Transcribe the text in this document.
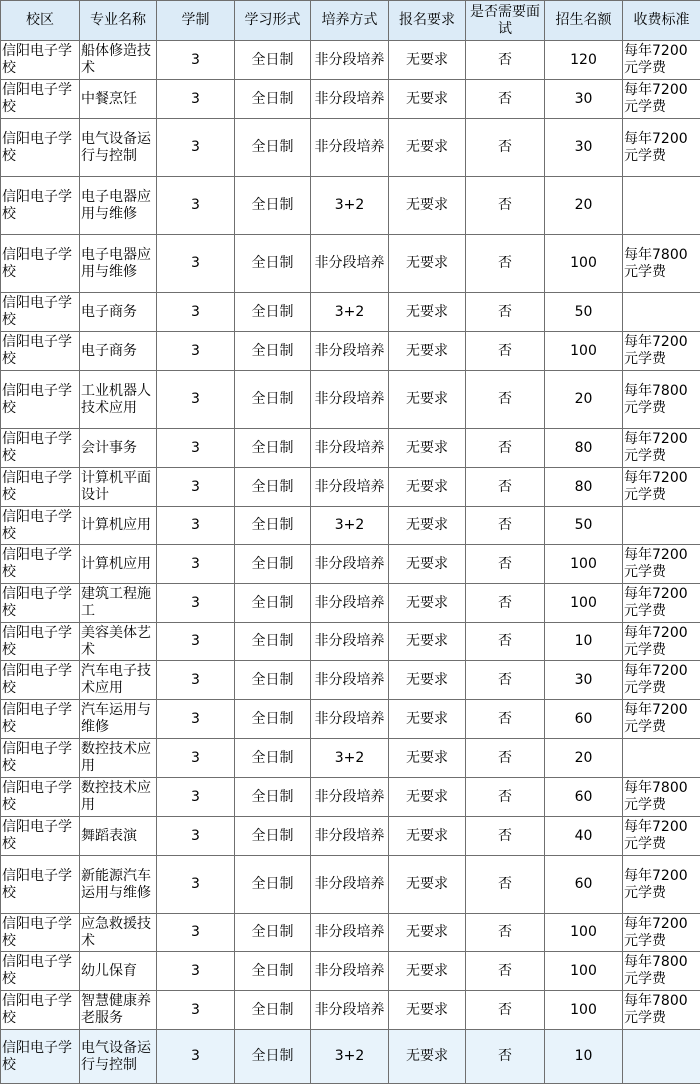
校区	专业名称	学制	学习形式	培养方式	报名要求	是否需要面试	招生名额	收费标准
信阳电子学校	船体修造技术	3	全日制	非分段培养	无要求	否	120	每年7200元学费
信阳电子学校	中餐烹饪	3	全日制	非分段培养	无要求	否	30	每年7200元学费
信阳电子学校	电气设备运行与控制	3	全日制	非分段培养	无要求	否	30	每年7200元学费
信阳电子学校	电子电器应用与维修	3	全日制	3+2	无要求	否	20	
信阳电子学校	电子电器应用与维修	3	全日制	非分段培养	无要求	否	100	每年7800元学费
信阳电子学校	电子商务	3	全日制	3+2	无要求	否	50	
信阳电子学校	电子商务	3	全日制	非分段培养	无要求	否	100	每年7200元学费
信阳电子学校	工业机器人技术应用	3	全日制	非分段培养	无要求	否	20	每年7800元学费
信阳电子学校	会计事务	3	全日制	非分段培养	无要求	否	80	每年7200元学费
信阳电子学校	计算机平面设计	3	全日制	非分段培养	无要求	否	80	每年7200元学费
信阳电子学校	计算机应用	3	全日制	3+2	无要求	否	50	
信阳电子学校	计算机应用	3	全日制	非分段培养	无要求	否	100	每年7200元学费
信阳电子学校	建筑工程施工	3	全日制	非分段培养	无要求	否	100	每年7200元学费
信阳电子学校	美容美体艺术	3	全日制	非分段培养	无要求	否	10	每年7200元学费
信阳电子学校	汽车电子技术应用	3	全日制	非分段培养	无要求	否	30	每年7200元学费
信阳电子学校	汽车运用与维修	3	全日制	非分段培养	无要求	否	60	每年7200元学费
信阳电子学校	数控技术应用	3	全日制	3+2	无要求	否	20	
信阳电子学校	数控技术应用	3	全日制	非分段培养	无要求	否	60	每年7800元学费
信阳电子学校	舞蹈表演	3	全日制	非分段培养	无要求	否	40	每年7200元学费
信阳电子学校	新能源汽车运用与维修	3	全日制	非分段培养	无要求	否	60	每年7200元学费
信阳电子学校	应急救援技术	3	全日制	非分段培养	无要求	否	100	每年7200元学费
信阳电子学校	幼儿保育	3	全日制	非分段培养	无要求	否	100	每年7800元学费
信阳电子学校	智慧健康养老服务	3	全日制	非分段培养	无要求	否	100	每年7800元学费
信阳电子学校	电气设备运行与控制	3	全日制	3+2	无要求	否	10	
